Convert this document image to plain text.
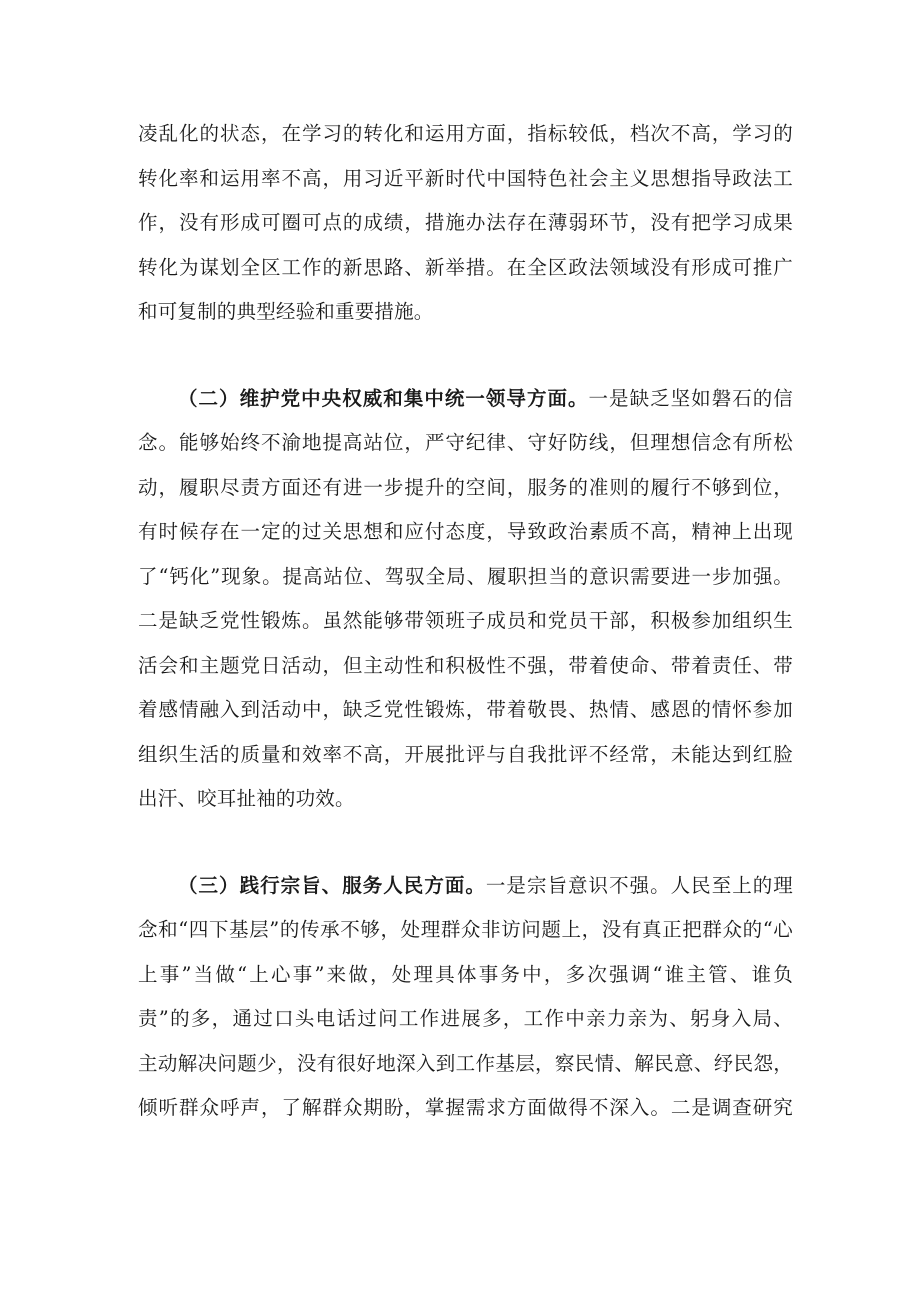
凌乱化的状态，在学习的转化和运用方面，指标较低，档次不高，学习的
转化率和运用率不高，用习近平新时代中国特色社会主义思想指导政法工
作，没有形成可圈可点的成绩，措施办法存在薄弱环节，没有把学习成果
转化为谋划全区工作的新思路、新举措。在全区政法领域没有形成可推广
和可复制的典型经验和重要措施。
（二）维护党中央权威和集中统一领导方面。一是缺乏坚如磐石的信
念。能够始终不渝地提高站位，严守纪律、守好防线，但理想信念有所松
动，履职尽责方面还有进一步提升的空间，服务的准则的履行不够到位，
有时候存在一定的过关思想和应付态度，导致政治素质不高，精神上出现
了“钙化”现象。提高站位、驾驭全局、履职担当的意识需要进一步加强。
二是缺乏党性锻炼。虽然能够带领班子成员和党员干部，积极参加组织生
活会和主题党日活动，但主动性和积极性不强，带着使命、带着责任、带
着感情融入到活动中，缺乏党性锻炼，带着敬畏、热情、感恩的情怀参加
组织生活的质量和效率不高，开展批评与自我批评不经常，未能达到红脸
出汗、咬耳扯袖的功效。
（三）践行宗旨、服务人民方面。一是宗旨意识不强。人民至上的理
念和“四下基层”的传承不够，处理群众非访问题上，没有真正把群众的“心
上事”当做“上心事”来做，处理具体事务中，多次强调“谁主管、谁负
责”的多，通过口头电话过问工作进展多，工作中亲力亲为、躬身入局、
主动解决问题少，没有很好地深入到工作基层，察民情、解民意、纾民怨，
倾听群众呼声，了解群众期盼，掌握需求方面做得不深入。二是调查研究
